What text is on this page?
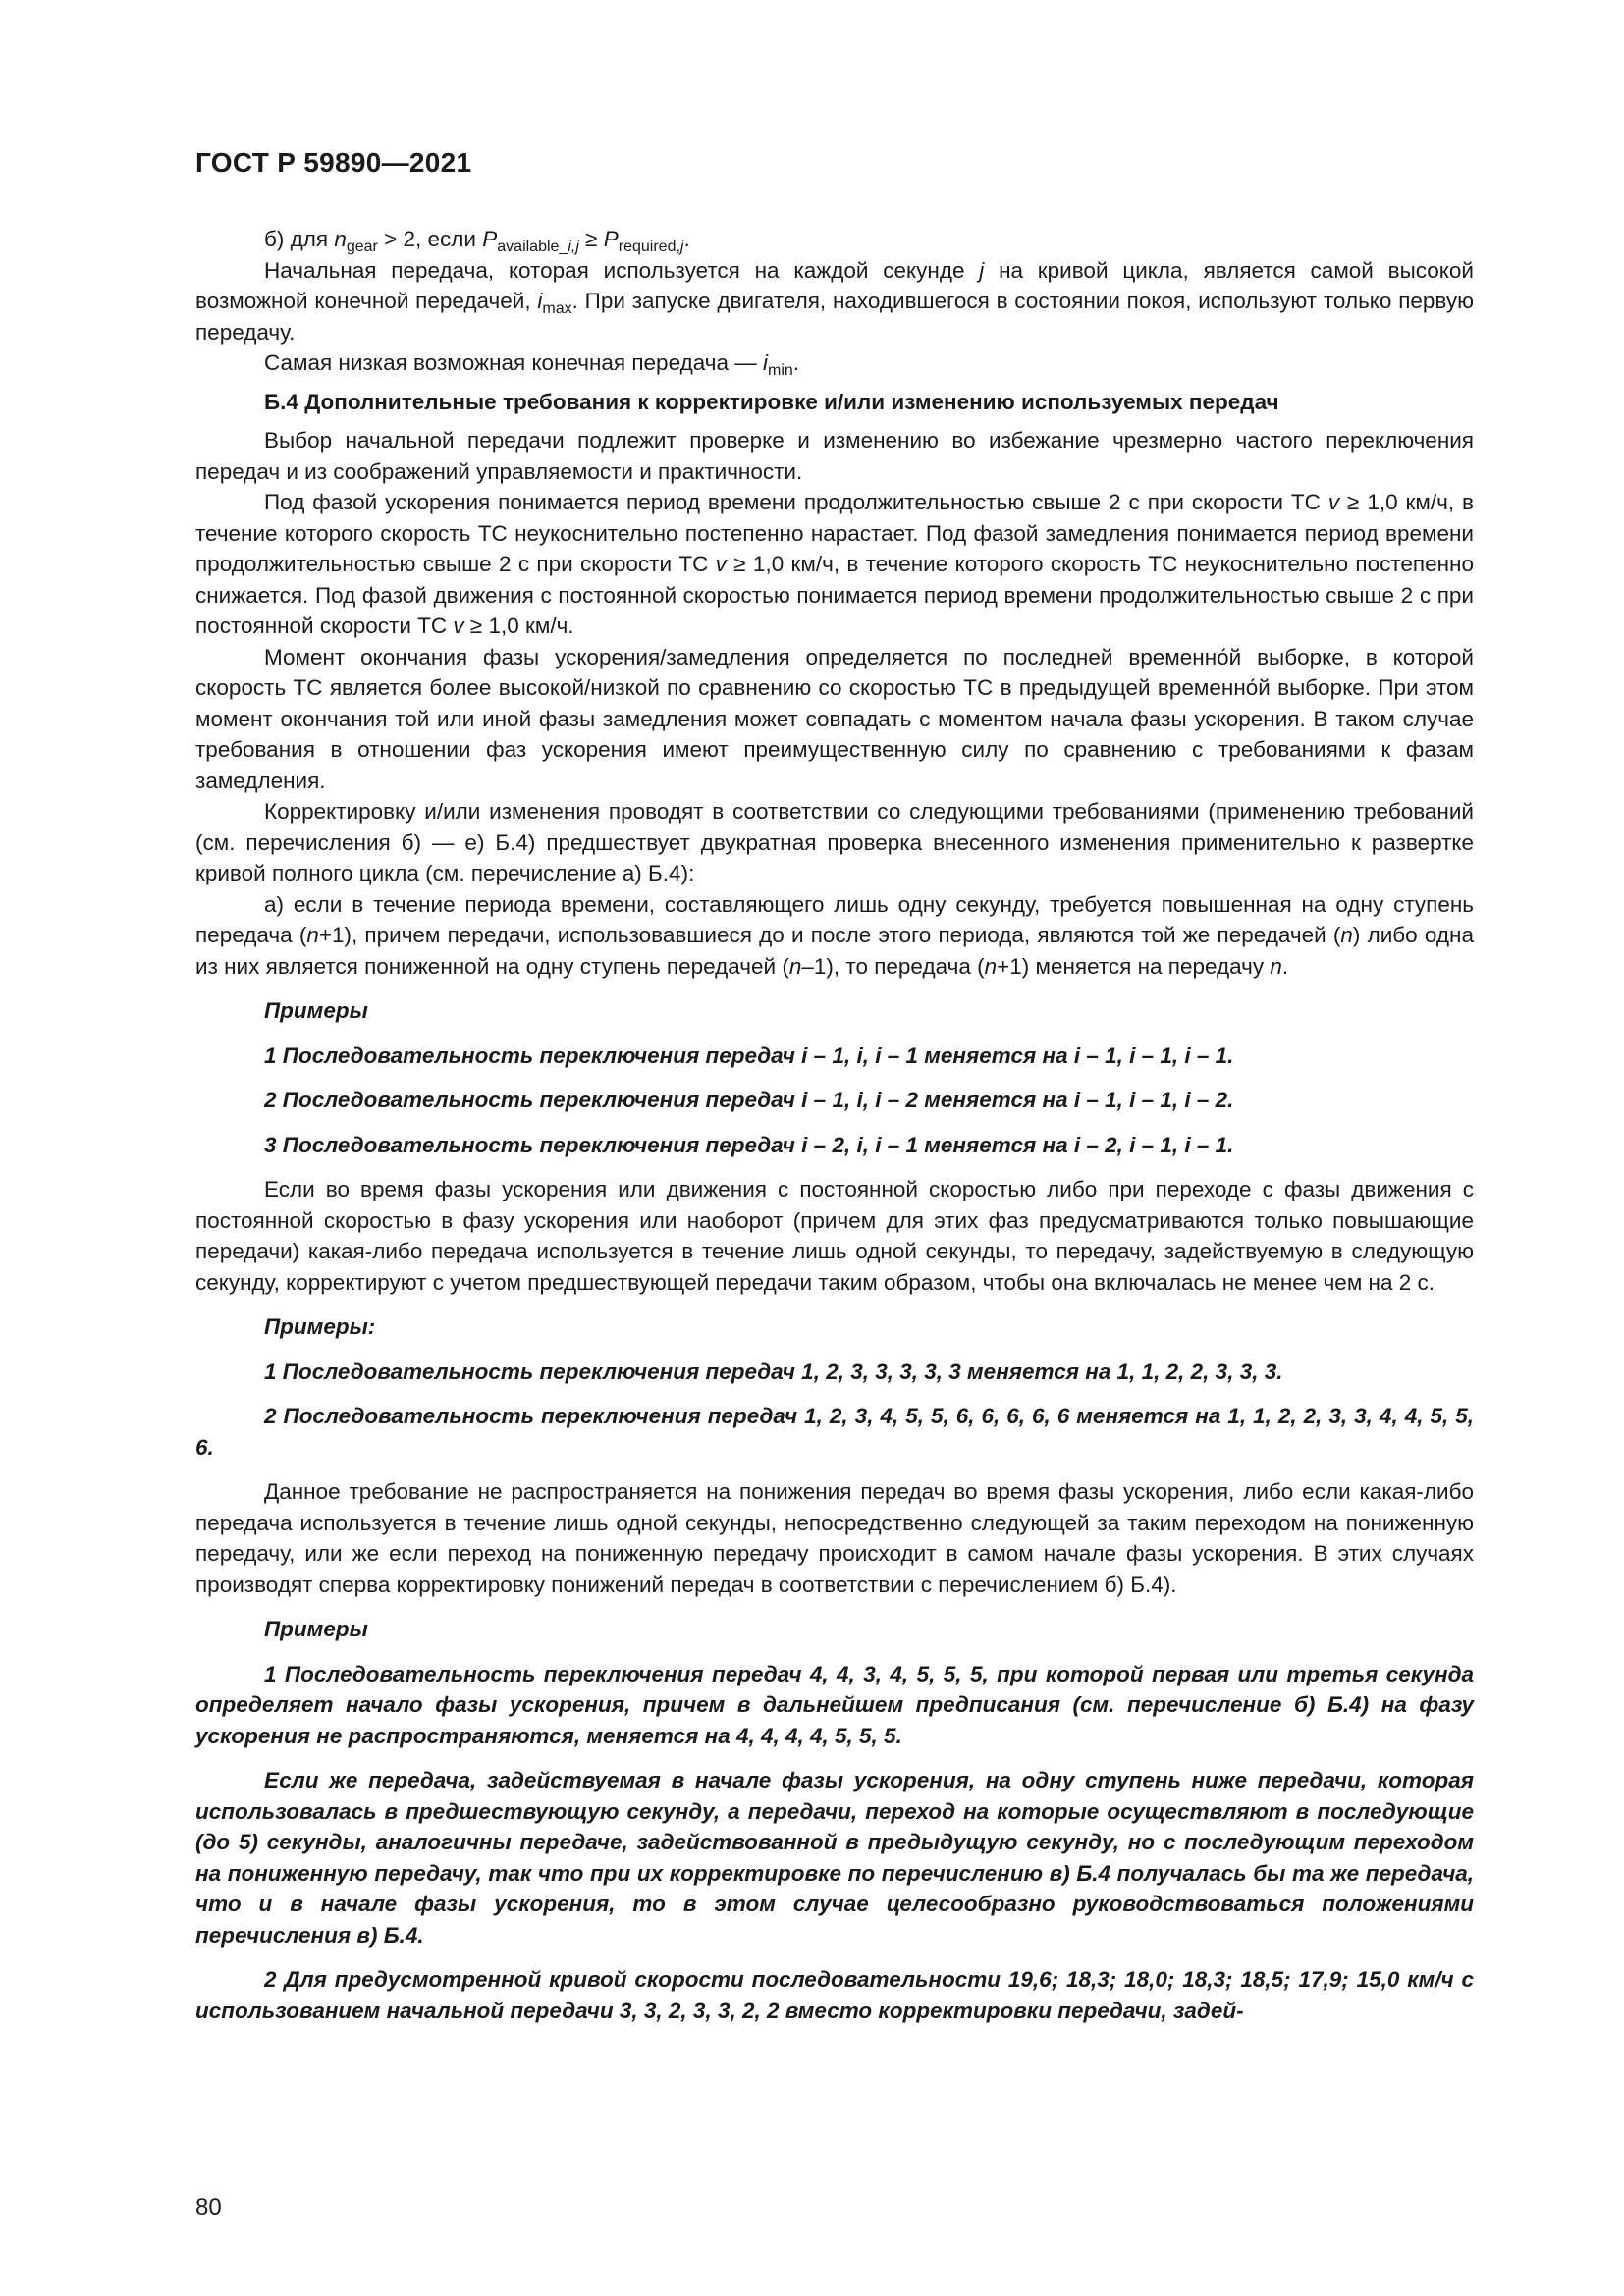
ГОСТ Р 59890—2021

б) для $n_{gear} > 2$, если $P_{available\_i,j} \ge P_{required,j}$.

Начальная передача, которая используется на каждой секунде j на кривой цикла, является самой высокой возможной конечной передачей, $i_{max}$. При запуске двигателя, находившегося в состоянии покоя, используют только первую передачу.

Самая низкая возможная конечная передача — $i_{min}$.

Б.4 Дополнительные требования к корректировке и/или изменению используемых передач

Выбор начальной передачи подлежит проверке и изменению во избежание чрезмерно частого переключения передач и из соображений управляемости и практичности.

Под фазой ускорения понимается период времени продолжительностью свыше 2 с при скорости ТС v ≥ 1,0 км/ч, в течение которого скорость ТС неукоснительно постепенно нарастает. Под фазой замедления понимается период времени продолжительностью свыше 2 с при скорости ТС v ≥ 1,0 км/ч, в течение которого скорость ТС неукоснительно постепенно снижается. Под фазой движения с постоянной скоростью понимается период времени продолжительностью свыше 2 с при постоянной скорости ТС v ≥ 1,0 км/ч.

Момент окончания фазы ускорения/замедления определяется по последней временно́й выборке, в которой скорость ТС является более высокой/низкой по сравнению со скоростью ТС в предыдущей временно́й выборке. При этом момент окончания той или иной фазы замедления может совпадать с моментом начала фазы ускорения. В таком случае требования в отношении фаз ускорения имеют преимущественную силу по сравнению с требованиями к фазам замедления.

Корректировку и/или изменения проводят в соответствии со следующими требованиями (применению требований (см. перечисления б) — е) Б.4) предшествует двукратная проверка внесенного изменения применительно к развертке кривой полного цикла (см. перечисление а) Б.4):

а) если в течение периода времени, составляющего лишь одну секунду, требуется повышенная на одну ступень передача (n+1), причем передачи, использовавшиеся до и после этого периода, являются той же передачей (n) либо одна из них является пониженной на одну ступень передачей (n–1), то передача (n+1) меняется на передачу n.

Примеры

1 Последовательность переключения передач i – 1, i, i – 1 меняется на i – 1, i – 1, i – 1.

2 Последовательность переключения передач i – 1, i, i – 2 меняется на i – 1, i – 1, i – 2.

3 Последовательность переключения передач i – 2, i, i – 1 меняется на i – 2, i – 1, i – 1.

Если во время фазы ускорения или движения с постоянной скоростью либо при переходе с фазы движения с постоянной скоростью в фазу ускорения или наоборот (причем для этих фаз предусматриваются только повышающие передачи) какая-либо передача используется в течение лишь одной секунды, то передачу, задействуемую в следующую секунду, корректируют с учетом предшествующей передачи таким образом, чтобы она включалась не менее чем на 2 с.

Примеры:

1 Последовательность переключения передач 1, 2, 3, 3, 3, 3, 3 меняется на 1, 1, 2, 2, 3, 3, 3.

2 Последовательность переключения передач 1, 2, 3, 4, 5, 5, 6, 6, 6, 6, 6 меняется на 1, 1, 2, 2, 3, 3, 4, 4, 5, 5, 6.

Данное требование не распространяется на понижения передач во время фазы ускорения, либо если какая-либо передача используется в течение лишь одной секунды, непосредственно следующей за таким переходом на пониженную передачу, или же если переход на пониженную передачу происходит в самом начале фазы ускорения. В этих случаях производят сперва корректировку понижений передач в соответствии с перечислением б) Б.4).

Примеры

1 Последовательность переключения передач 4, 4, 3, 4, 5, 5, 5, при которой первая или третья секунда определяет начало фазы ускорения, причем в дальнейшем предписания (см. перечисление б) Б.4) на фазу ускорения не распространяются, меняется на 4, 4, 4, 4, 5, 5, 5.

Если же передача, задействуемая в начале фазы ускорения, на одну ступень ниже передачи, которая использовалась в предшествующую секунду, а передачи, переход на которые осуществляют в последующие (до 5) секунды, аналогичны передаче, задействованной в предыдущую секунду, но с последующим переходом на пониженную передачу, так что при их корректировке по перечислению в) Б.4 получалась бы та же передача, что и в начале фазы ускорения, то в этом случае целесообразно руководствоваться положениями перечисления в) Б.4.

2 Для предусмотренной кривой скорости последовательности 19,6; 18,3; 18,0; 18,3; 18,5; 17,9; 15,0 км/ч с использованием начальной передачи 3, 3, 2, 3, 3, 2, 2 вместо корректировки передачи, задей-

80
